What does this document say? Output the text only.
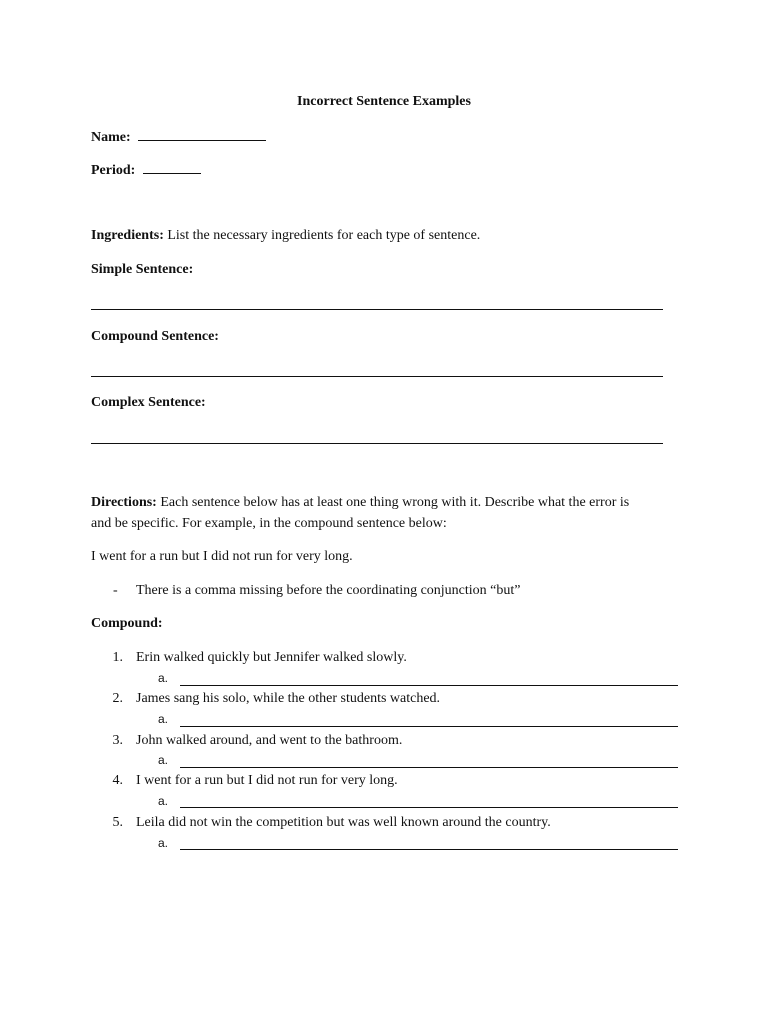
Incorrect Sentence Examples
Name:
Period:
Ingredients: List the necessary ingredients for each type of sentence.
Simple Sentence:
Compound Sentence:
Complex Sentence:
Directions: Each sentence below has at least one thing wrong with it. Describe what the error is
and be specific. For example, in the compound sentence below:
I went for a run but I did not run for very long.
- There is a comma missing before the coordinating conjunction “but”
Compound:
1. Erin walked quickly but Jennifer walked slowly.
a.
2. James sang his solo, while the other students watched.
a.
3. John walked around, and went to the bathroom.
a.
4. I went for a run but I did not run for very long.
a.
5. Leila did not win the competition but was well known around the country.
a.
